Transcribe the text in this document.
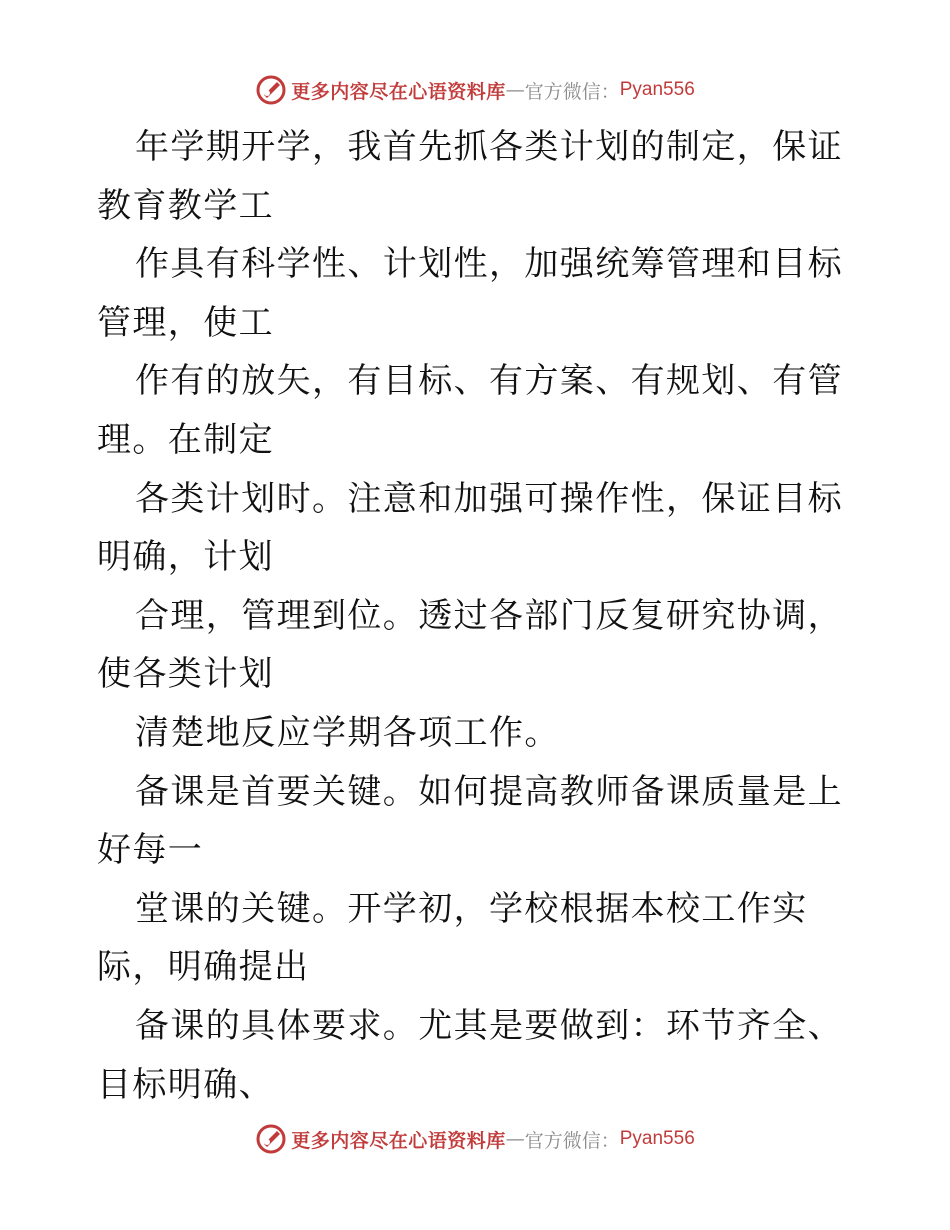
更多内容尽在心语资料库 — 官方微信： Pyan556

年学期开学，我首先抓各类计划的制定，保证教育教学工

作具有科学性、计划性，加强统筹管理和目标管理，使工

作有的放矢，有目标、有方案、有规划、有管理。在制定

各类计划时。注意和加强可操作性，保证目标明确，计划

合理，管理到位。透过各部门反复研究协调，使各类计划

清楚地反应学期各项工作。

备课是首要关键。如何提高教师备课质量是上好每一

堂课的关键。开学初，学校根据本校工作实际，明确提出

备课的具体要求。尤其是要做到：环节齐全、目标明确、

更多内容尽在心语资料库 — 官方微信： Pyan556
